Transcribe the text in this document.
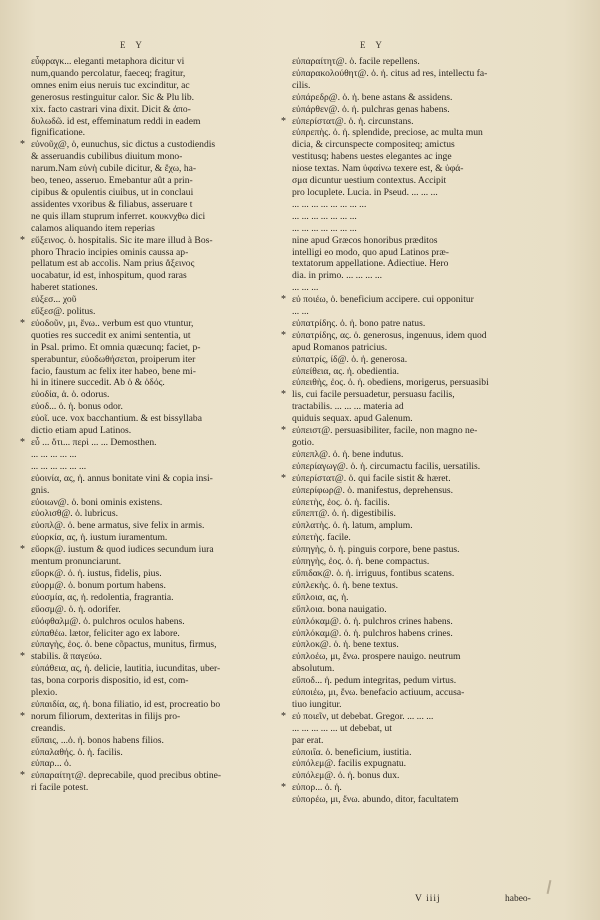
E Y	E Y
εὖφραγκ... eleganti metaphora dicitur vi
num,quando percolatur, faeceq; fragitur,
omnes enim eius neruis tuc excinditur, ac
generosus restinguitur calor. Sic & Plu lib.
xix. facto castrari vina dixit. Dicit & ἀπο-
δυλωδῶ. id est, effeminatum reddi in eadem
fignificatione.
* εὐνοῦχ@, ὁ, eunuchus, sic dictus a custodiendis
& asseruandis cubilibus diuitum mono-
narum.Nam εὐνὴ cubile dicitur, & ἔχω, ha-
beo, teneo, asseruo. Emebantur aût a prin-
cipibus & opulentis ciuibus, ut in conclaui
assidentes vxoribus & filiabus, asseruare t
ne quis illam stuprum inferret. κουκνχθω dici
calamos aliquando item reperias
* εὔξεινος. ὁ. hospitalis. Sic ite mare illud à Bos-
phoro Thracio incipies ominis caussa ap-
pellatum est ab accolis. Nam prius ἄξεινος
uocabatur, id est, inhospitum, quod raras
haberet stationes.
εὐξεσ... χοῦ
εὔξεσ@. politus.
* εὐοδοῦν, μι, ἔνω.. verbum est quo vtuntur,
quoties res succedit ex animi sententia, ut
in Psal. primo. Et omnia quæcunq; faciet, p-
sperabuntur, εὐοδωθήσεται, proiperum iter
facio, faustum ac felix iter habeo, bene mi-
hi in itinere succedit. Ab ὁ & ὁδός.
εὐοδία, ἁ. ὁ. odorus.
εὐοδ... ὁ. ἡ. bonus odor.
εὐοῖ. uce. vox bacchantium. & est bissyllaba
dictio etiam apud Latinos.
* εὖ ... ὅτι... περὶ ... ... Demosthen.
... ... ... ... ...
... ... ... ... ... ...
εὐοινία, ας, ἡ. annus bonitate vini & copia insi-
gnis.
εὐοιων@. ὁ. boni ominis existens.
εὐολισθ@. ὁ. lubricus.
εὐοπλ@. ὁ. bene armatus, sive felix in armis.
εὐορκία, ας, ἡ. iustum iuramentum.
* εὔορκ@. iustum & quod iudices secundum iura
mentum pronunciarunt.
εὔορκ@. ὁ. ἡ. iustus, fidelis, pius.
εὐορμ@. ὁ. bonum portum habens.
εὐοσμία, ας, ἡ. redolentia, fragrantia.
εὔοσμ@. ὁ. ἡ. odorifer.
εὐόφθαλμ@. ὁ. pulchros oculos habens.
εὐπαθέω. lætor, feliciter ago ex labore.
εὐπαγὴς, ἐος. ὁ. bene cõpactus, munitus, firmus,
* stabilis. ἃ παγεύω.
εὐπάθεια, ας, ἡ. delicie, lautitia, iucunditas, uber-
tas, bona corporis dispositio, id est, com-
plexio.
εὐπαιδία, ας, ἡ. bona filiatio, id est, procreatio bo
* norum filiorum, dexteritas in filijs pro-
creandis.
εὔπαις, ...ὁ. ἡ. bonos habens filios.
εὐπαλαθής. ὁ. ἡ. facilis.
εὐπαρ... ὁ.
* εὐπαραίτητ@. deprecabile, quod precibus obtine-
ri facile potest.
εὐπαραίτητ@. ὁ. facile repellens.
εὐπαρακολούθητ@. ὁ. ἡ. citus ad res, intellectu fa-
cilis.
εὐπάρεδρ@. ὁ. ἡ. bene astans & assidens.
εὐπάρθεν@. ὁ. ἡ. pulchras genas habens.
* εὐπερίστατ@. ὁ. ἡ. circunstans.
εὐπρεπὴς. ὁ. ἡ. splendide, preciose, ac multa mun
dicia, & circunspecte compositeq; amictus
vestitusq; habens uestes elegantes ac inge
niose textas. Nam ὑφαίνω texere est, & ὑφά-
σμα dicuntur uestium contextus. Accipit
pro locuplete. Lucia. in Pseud. ... ... ...
... ... ... ... ... ... ... ...
... ... ... ... ... ... ...
... ... ... ... ... ... ...
nine apud Græcos honoribus præditos
intelligi eo modo, quo apud Latinos præ-
textatorum appellatione. Adiectiue. Hero
dia. in primo. ... ... ... ...
... ... ...
* εὐ ποιέω, ὁ. beneficium accipere. cui opponitur
... ...
εὐπατρίδης. ὁ. ἡ. bono patre natus.
* εὐπατρίδης, ας. ὁ. generosus, ingenuus, idem quod
apud Romanos patricius.
εὐπατρίς, ίδ@. ὁ. ἡ. generosa.
εὐπείθεια, ας. ἡ. obedientia.
εὐπειθὴς, ἐος. ὁ. ἡ. obediens, morigerus, persuasibi
* lis, cui facile persuadetur, persuasu facilis,
tractabilis. ... ... ... materia ad
quiduis sequax. apud Galenum.
* εὐπειστ@. persuasibiliter, facile, non magno ne-
gotio.
εὐπεπλ@. ὁ. ἡ. bene indutus.
εὐπερίαγωγ@. ὁ. ἡ. circumactu facilis, uersatilis.
* εὐπερίστατ@. ὁ. qui facile sistit & hæret.
εὐπερίφωρ@. ὁ. manifestus, deprehensus.
εὐπετὴς, ἐος. ὁ. ἡ. facilis.
εὔπεπτ@. ὁ. ἡ. digestibilis.
εὐπλατὴς. ὁ. ἡ. latum, amplum.
εὐπετὴς. facile.
εὐπηγὴς, ὁ. ἡ. pinguis corpore, bene pastus.
εὐπηγὴς, ἐος. ὁ. ἡ. bene compactus.
εὔπιδακ@. ὁ. ἡ. irriguus, fontibus scatens.
εὐπλεκὴς. ὁ. ἡ. bene textus.
εὔπλοια, ας, ἡ.
εὔπλοια. bona nauigatio.
εὐπλόκαμ@. ὁ. ἡ. pulchros crines habens.
εὐπλόκαμ@. ὁ. ἡ. pulchros habens crines.
εὐπλοκ@. ὁ. ἡ. bene textus.
εὐπλοέω, μι, ἔνω. prospere nauigo. neutrum
absolutum.
εὔποδ... ἡ. pedum integritas, pedum virtus.
εὐποιέω, μι, ἔνω. benefacio actiuum, accusa-
tiuo iungitur.
* εὐ ποιεῖν, ut debebat. Gregor. ... ... ...
... ... ... ... ... ut debebat, ut
par erat.
εὐποιΐα. ὁ. beneficium, iustitia.
εὐπόλεμ@. facilis expugnatu.
εὐπόλεμ@. ὁ. ἡ. bonus dux.
* εὐπορ... ὁ. ἡ.
εὐπορέω, μι, ἔνω. abundo, ditor, facultatem
V iiij	habeo-
